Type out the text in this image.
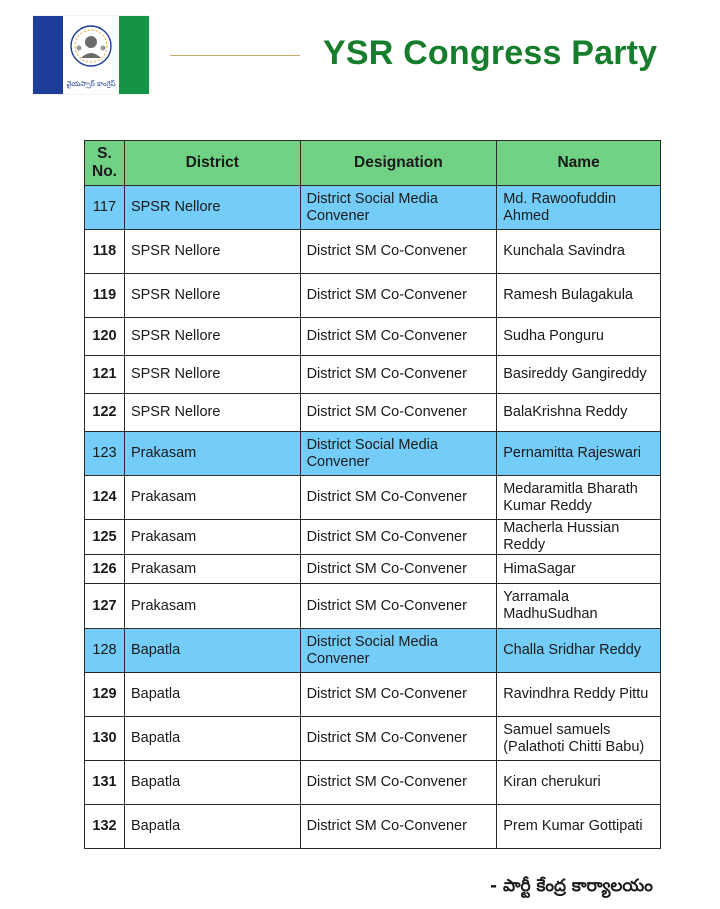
వైయస్సార్ కాంగ్రెస్
YSR Congress Party
S. No.	District	Designation	Name
117	SPSR Nellore	District Social Media Convener	Md. Rawoofuddin Ahmed
118	SPSR Nellore	District SM Co-Convener	Kunchala Savindra
119	SPSR Nellore	District SM Co-Convener	Ramesh Bulagakula
120	SPSR Nellore	District SM Co-Convener	Sudha Ponguru
121	SPSR Nellore	District SM Co-Convener	Basireddy Gangireddy
122	SPSR Nellore	District SM Co-Convener	BalaKrishna Reddy
123	Prakasam	District Social Media Convener	Pernamitta Rajeswari
124	Prakasam	District SM Co-Convener	Medaramitla Bharath Kumar Reddy
125	Prakasam	District SM Co-Convener	Macherla Hussian Reddy
126	Prakasam	District SM Co-Convener	HimaSagar
127	Prakasam	District SM Co-Convener	Yarramala MadhuSudhan
128	Bapatla	District Social Media Convener	Challa Sridhar Reddy
129	Bapatla	District SM Co-Convener	Ravindhra Reddy Pittu
130	Bapatla	District SM Co-Convener	Samuel samuels (Palathoti Chitti Babu)
131	Bapatla	District SM Co-Convener	Kiran cherukuri
132	Bapatla	District SM Co-Convener	Prem Kumar Gottipati
- పార్టీ కేంద్ర కార్యాలయం
